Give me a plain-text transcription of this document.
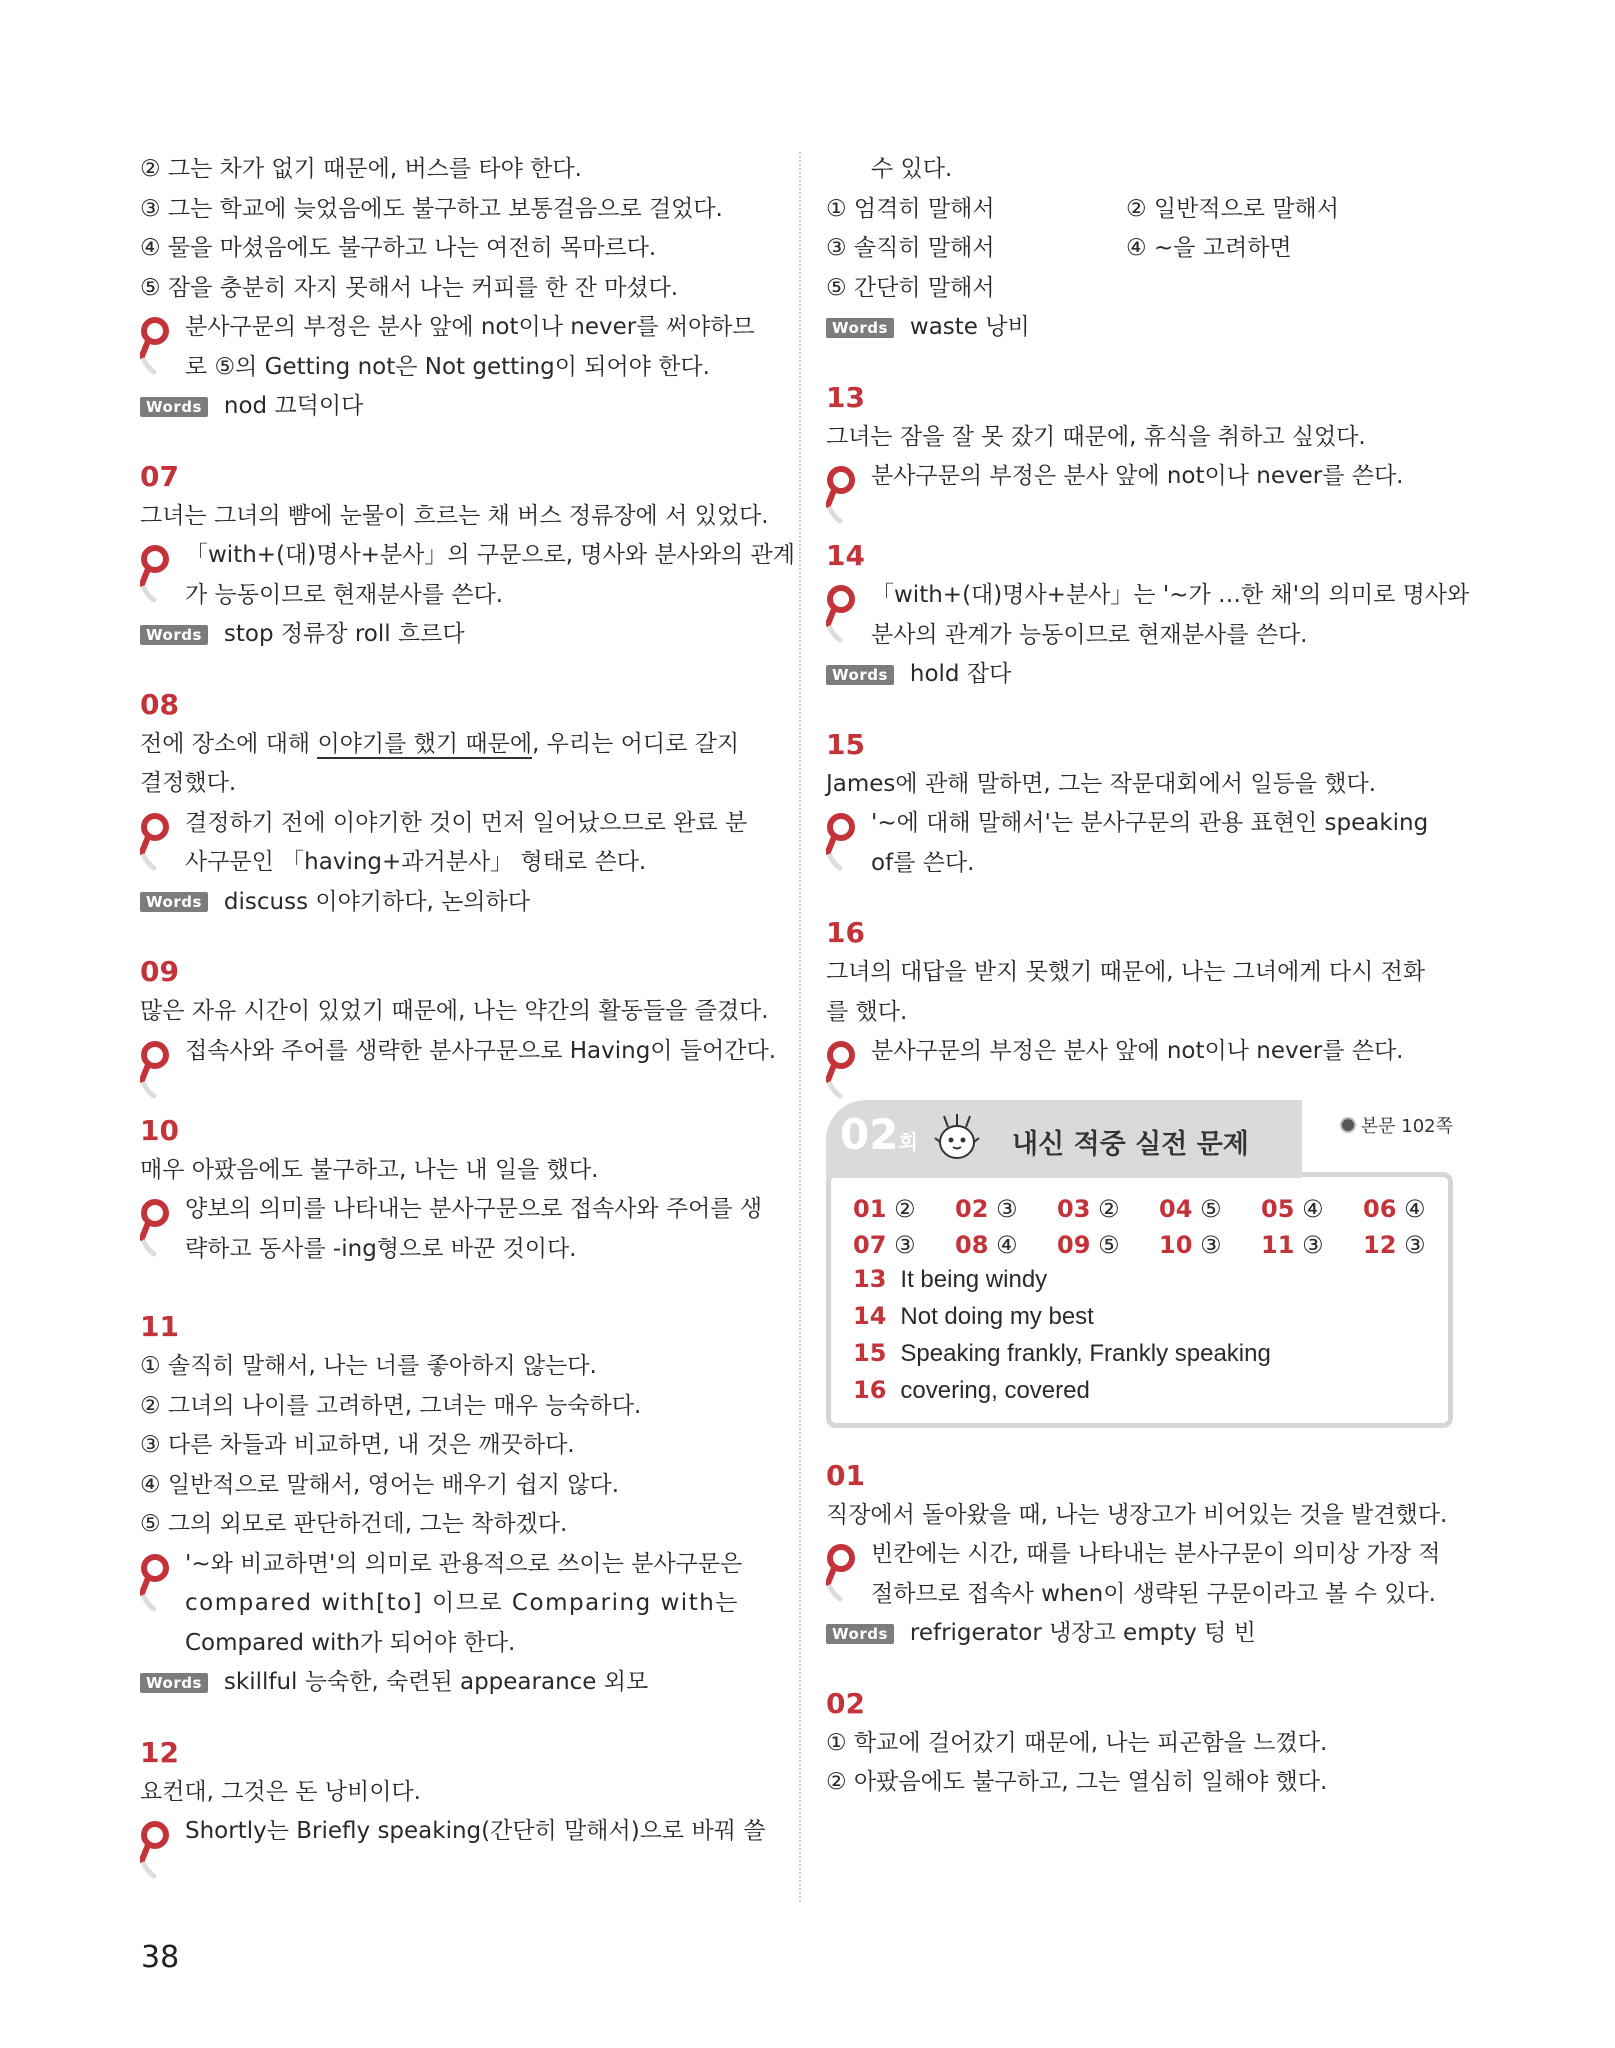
② 그는 차가 없기 때문에, 버스를 타야 한다.
③ 그는 학교에 늦었음에도 불구하고 보통걸음으로 걸었다.
④ 물을 마셨음에도 불구하고 나는 여전히 목마르다.
⑤ 잠을 충분히 자지 못해서 나는 커피를 한 잔 마셨다.
분사구문의 부정은 분사 앞에 not이나 never를 써야하므
로 ⑤의 Getting not은 Not getting이 되어야 한다.
Words nod 끄덕이다
07
그녀는 그녀의 뺨에 눈물이 흐르는 채 버스 정류장에 서 있었다.
「with+(대)명사+분사」의 구문으로, 명사와 분사와의 관계
가 능동이므로 현재분사를 쓴다.
Words stop 정류장 roll 흐르다
08
전에 장소에 대해 이야기를 했기 때문에, 우리는 어디로 갈지
결정했다.
결정하기 전에 이야기한 것이 먼저 일어났으므로 완료 분
사구문인 「having+과거분사」 형태로 쓴다.
Words discuss 이야기하다, 논의하다
09
많은 자유 시간이 있었기 때문에, 나는 약간의 활동들을 즐겼다.
접속사와 주어를 생략한 분사구문으로 Having이 들어간다.
10
매우 아팠음에도 불구하고, 나는 내 일을 했다.
양보의 의미를 나타내는 분사구문으로 접속사와 주어를 생
략하고 동사를 -ing형으로 바꾼 것이다.
11
① 솔직히 말해서, 나는 너를 좋아하지 않는다.
② 그녀의 나이를 고려하면, 그녀는 매우 능숙하다.
③ 다른 차들과 비교하면, 내 것은 깨끗하다.
④ 일반적으로 말해서, 영어는 배우기 쉽지 않다.
⑤ 그의 외모로 판단하건데, 그는 착하겠다.
'~와 비교하면'의 의미로 관용적으로 쓰이는 분사구문은
compared with[to] 이므로 Comparing with는
Compared with가 되어야 한다.
Words skillful 능숙한, 숙련된 appearance 외모
12
요컨대, 그것은 돈 낭비이다.
Shortly는 Briefly speaking(간단히 말해서)으로 바꿔 쓸
수 있다.
① 엄격히 말해서	② 일반적으로 말해서
③ 솔직히 말해서	④ ~을 고려하면
⑤ 간단히 말해서
Words waste 낭비
13
그녀는 잠을 잘 못 잤기 때문에, 휴식을 취하고 싶었다.
분사구문의 부정은 분사 앞에 not이나 never를 쓴다.
14
「with+(대)명사+분사」는 '~가 …한 채'의 의미로 명사와
분사의 관계가 능동이므로 현재분사를 쓴다.
Words hold 잡다
15
James에 관해 말하면, 그는 작문대회에서 일등을 했다.
'~에 대해 말해서'는 분사구문의 관용 표현인 speaking
of를 쓴다.
16
그녀의 대답을 받지 못했기 때문에, 나는 그녀에게 다시 전화
를 했다.
분사구문의 부정은 분사 앞에 not이나 never를 쓴다.
02회	내신 적중 실전 문제
본문 102쪽
01 ②	02 ③	03 ②	04 ⑤	05 ④	06 ④
07 ③	08 ④	09 ⑤	10 ③	11 ③	12 ③
13 It being windy
14 Not doing my best
15 Speaking frankly, Frankly speaking
16 covering, covered
01
직장에서 돌아왔을 때, 나는 냉장고가 비어있는 것을 발견했다.
빈칸에는 시간, 때를 나타내는 분사구문이 의미상 가장 적
절하므로 접속사 when이 생략된 구문이라고 볼 수 있다.
Words refrigerator 냉장고 empty 텅 빈
02
① 학교에 걸어갔기 때문에, 나는 피곤함을 느꼈다.
② 아팠음에도 불구하고, 그는 열심히 일해야 했다.
38
